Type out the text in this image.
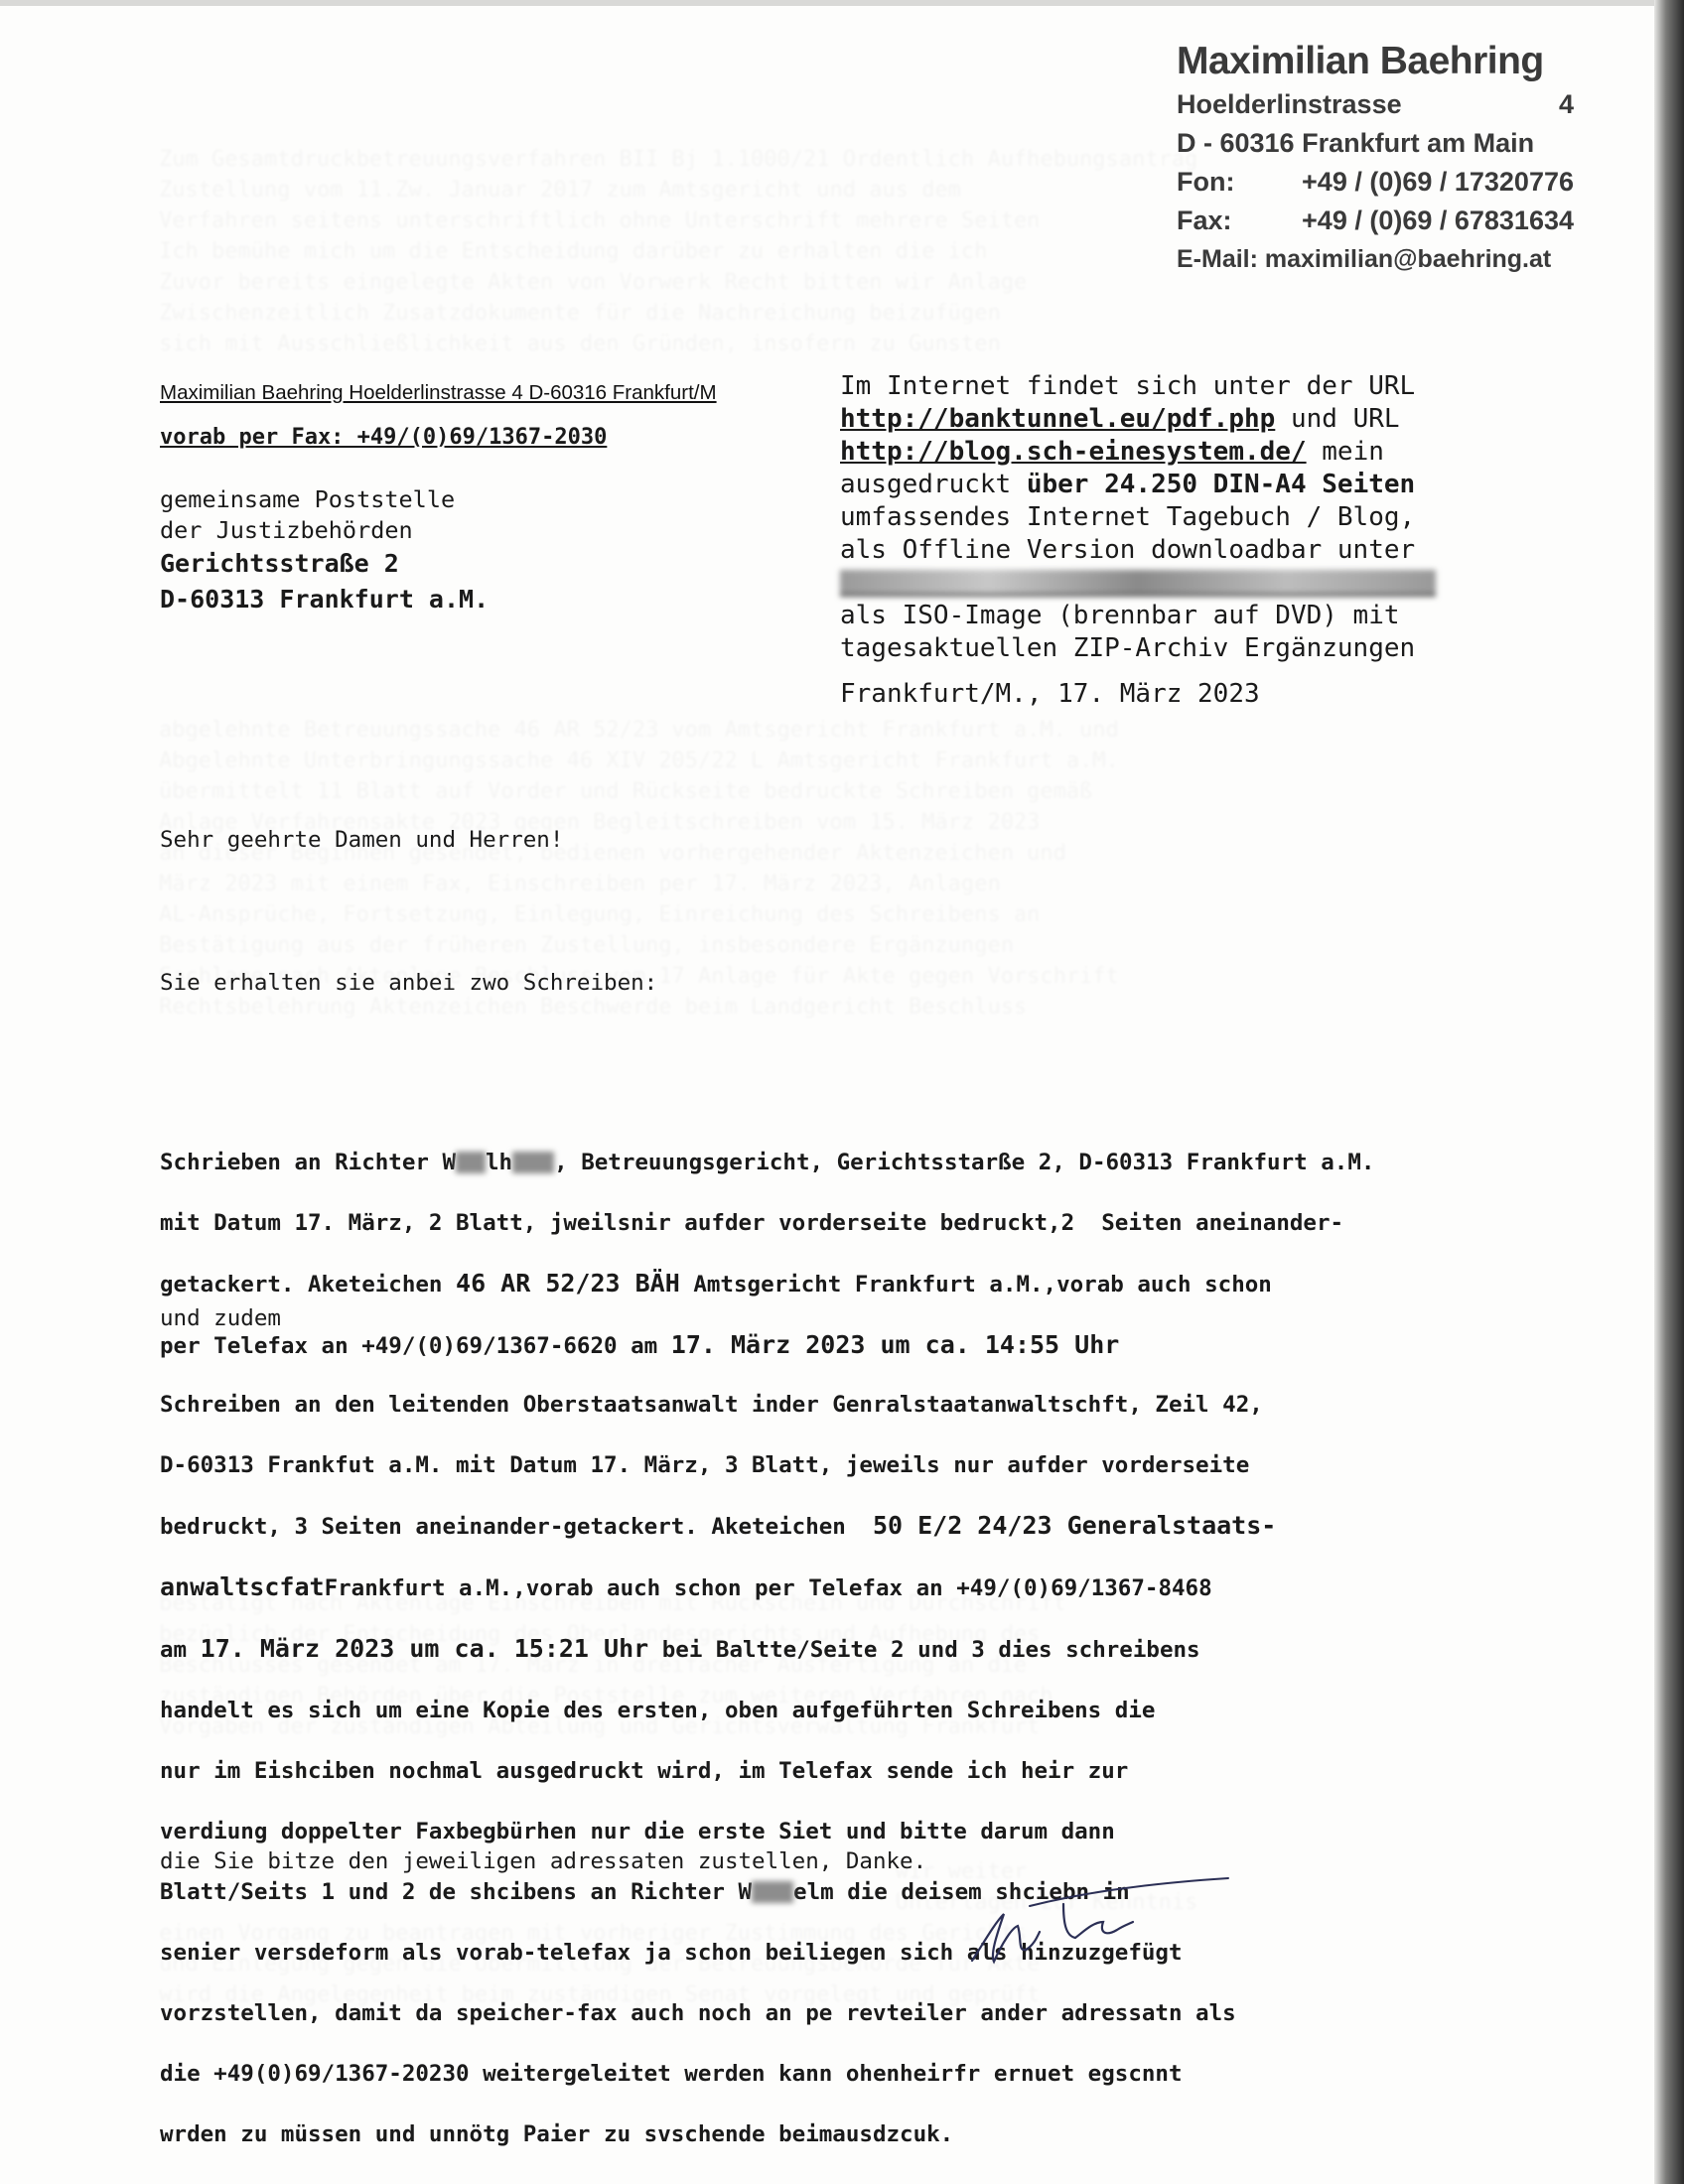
Maximilian Baehring
Hoelderlinstrasse	4
D - 60316 Frankfurt am Main
Fon:	+49 / (0)69 / 17320776
Fax:	+49 / (0)69 / 67831634
E-Mail: maximilian@baehring.at
Maximilian Baehring Hoelderlinstrasse 4 D-60316 Frankfurt/M
vorab per Fax: +49/(0)69/1367-2030
gemeinsame Poststelle
der Justizbehörden
Gerichtsstraße 2
D-60313 Frankfurt a.M.
Im Internet findet sich unter der URL
http://banktunnel.eu/pdf.php und URL
http://blog.sch-einesystem.de/ mein
ausgedruckt über 24.250 DIN-A4 Seiten
umfassendes Internet Tagebuch / Blog,
als Offline Version downloadbar unter
als ISO-Image (brennbar auf DVD) mit
tagesaktuellen ZIP-Archiv Ergänzungen
Frankfurt/M., 17. März 2023
Sehr geehrte Damen und Herren!
Sie erhalten sie anbei zwo Schreiben:

Schrieben an Richter W lh , Betreuungsgericht, Gerichtsstarße 2, D-60313 Frankfurt a.M.

mit Datum 17. März, 2 Blatt, jweilsnir aufder vorderseite bedruckt,2  Seiten aneinander-

getackert. Aketeichen 46 AR 52/23 BÄH Amtsgericht Frankfurt a.M.,vorab auch schon

per Telefax an +49/(0)69/1367-6620 am 17. März 2023 um ca. 14:55 Uhr

und zudem

Schreiben an den leitenden Oberstaatsanwalt inder Genralstaatanwaltschft, Zeil 42,

D-60313 Frankfut a.M. mit Datum 17. März, 3 Blatt, jeweils nur aufder vorderseite

bedruckt, 3 Seiten aneinander-getackert. Aketeichen  50 E/2 24/23 Generalstaats-

anwaltscfatFrankfurt a.M.,vorab auch schon per Telefax an +49/(0)69/1367-8468

am 17. März 2023 um ca. 15:21 Uhr bei Baltte/Seite 2 und 3 dies schreibens

handelt es sich um eine Kopie des ersten, oben aufgeführten Schreibens die

nur im Eishciben nochmal ausgedruckt wird, im Telefax sende ich heir zur

verdiung doppelter Faxbegbürhen nur die erste Siet und bitte darum dann

Blatt/Seits 1 und 2 de shcibens an Richter W elm die deisem shciebn in

senier versdeform als vorab-telefax ja schon beiliegen sich als hinzuzgefügt

vorzstellen, damit da speicher-fax auch noch an pe revteiler ander adressatn als

die +49(0)69/1367-20230 weitergeleitet werden kann ohenheirfr ernuet egscnnt

wrden zu müssen und unnötg Paier zu svschende beimausdzcuk.

die Sie bitze den jeweiligen adressaten zustellen, Danke.
